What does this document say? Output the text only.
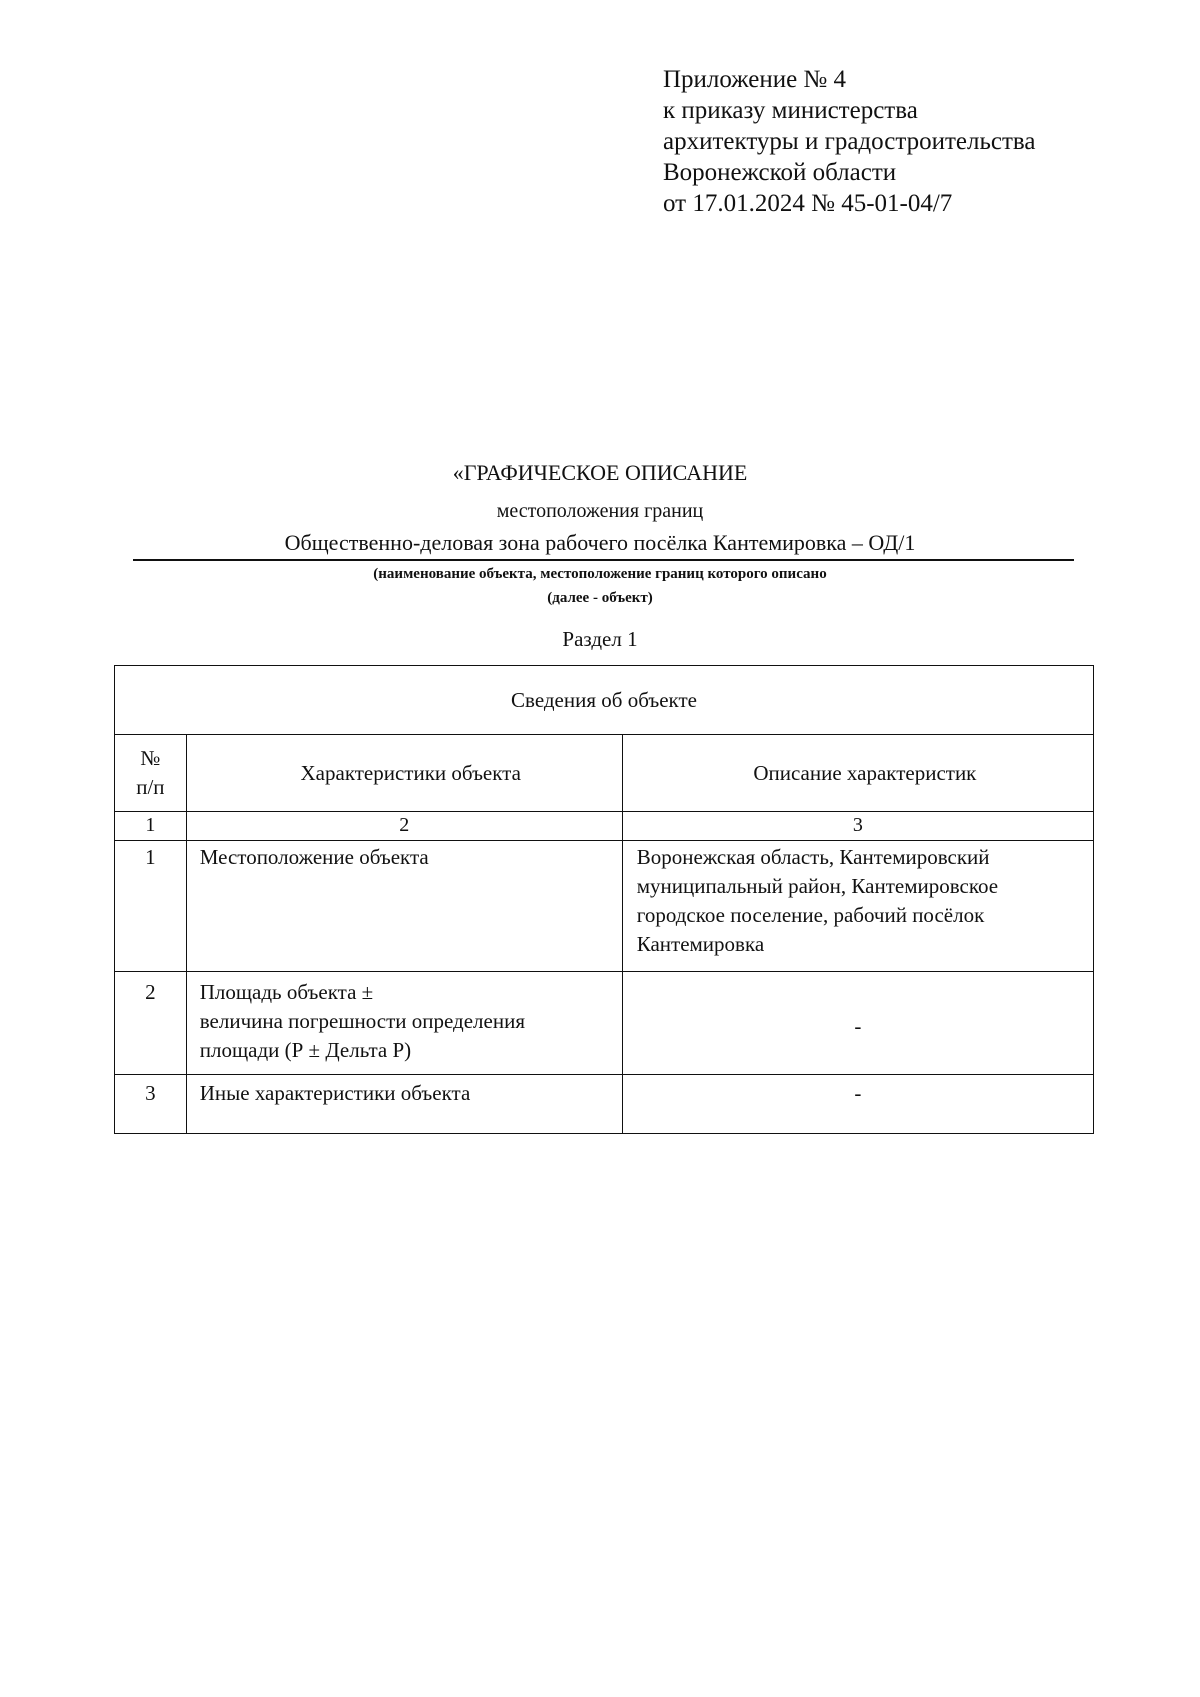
Приложение № 4
к приказу министерства
архитектуры и градостроительства
Воронежской области
от 17.01.2024 № 45-01-04/7
«ГРАФИЧЕСКОЕ ОПИСАНИЕ
местоположения границ
Общественно-деловая зона рабочего посёлка Кантемировка – ОД/1
(наименование объекта, местоположение границ которого описано
(далее - объект)
Раздел 1
Сведения об объекте		

№
п/п	Характеристики объекта	Описание характеристик
1	2	3
1	Местоположение объекта	Воронежская область, Кантемировский
муниципальный район, Кантемировское
городское поселение, рабочий посёлок
Кантемировка

2	Площадь объекта ±
величина погрешности определения
площади (Р ± Дельта Р)	-

3	Иные характеристики объекта	-
